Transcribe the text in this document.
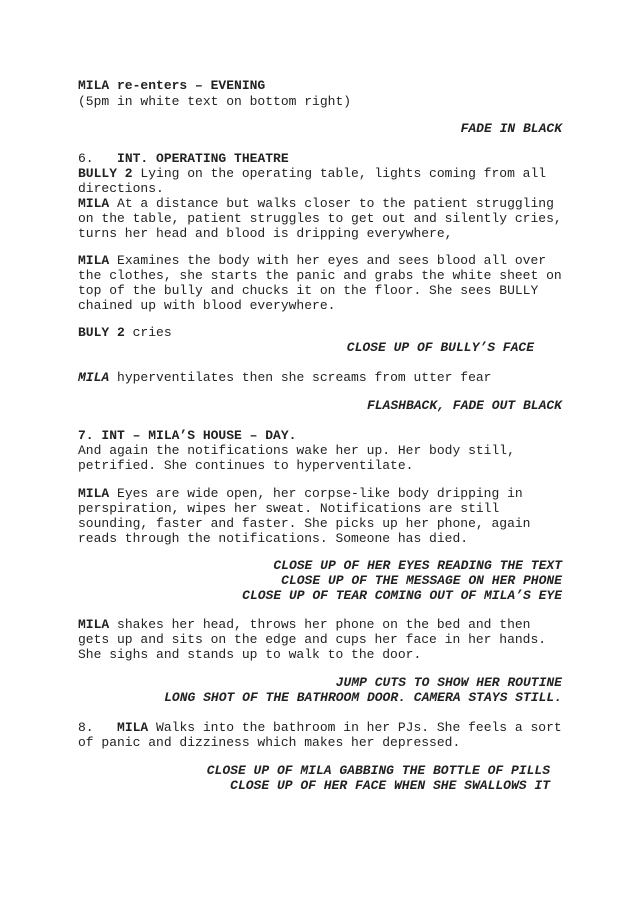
MILA re-enters – EVENING
(5pm in white text on bottom right)
FADE IN BLACK
6.   INT. OPERATING THEATRE
BULLY 2 Lying on the operating table, lights coming from all
directions.
MILA At a distance but walks closer to the patient struggling
on the table, patient struggles to get out and silently cries,
turns her head and blood is dripping everywhere,
MILA Examines the body with her eyes and sees blood all over
the clothes, she starts the panic and grabs the white sheet on
top of the bully and chucks it on the floor. She sees BULLY
chained up with blood everywhere.
BULY 2 cries
CLOSE UP OF BULLY’S FACE
MILA hyperventilates then she screams from utter fear
FLASHBACK, FADE OUT BLACK
7. INT – MILA’S HOUSE – DAY.
And again the notifications wake her up. Her body still,
petrified. She continues to hyperventilate.
MILA Eyes are wide open, her corpse-like body dripping in
perspiration, wipes her sweat. Notifications are still
sounding, faster and faster. She picks up her phone, again
reads through the notifications. Someone has died.
CLOSE UP OF HER EYES READING THE TEXT
CLOSE UP OF THE MESSAGE ON HER PHONE
CLOSE UP OF TEAR COMING OUT OF MILA’S EYE
MILA shakes her head, throws her phone on the bed and then
gets up and sits on the edge and cups her face in her hands.
She sighs and stands up to walk to the door.
JUMP CUTS TO SHOW HER ROUTINE
LONG SHOT OF THE BATHROOM DOOR. CAMERA STAYS STILL.
8.   MILA Walks into the bathroom in her PJs. She feels a sort
of panic and dizziness which makes her depressed.
CLOSE UP OF MILA GABBING THE BOTTLE OF PILLS
CLOSE UP OF HER FACE WHEN SHE SWALLOWS IT
